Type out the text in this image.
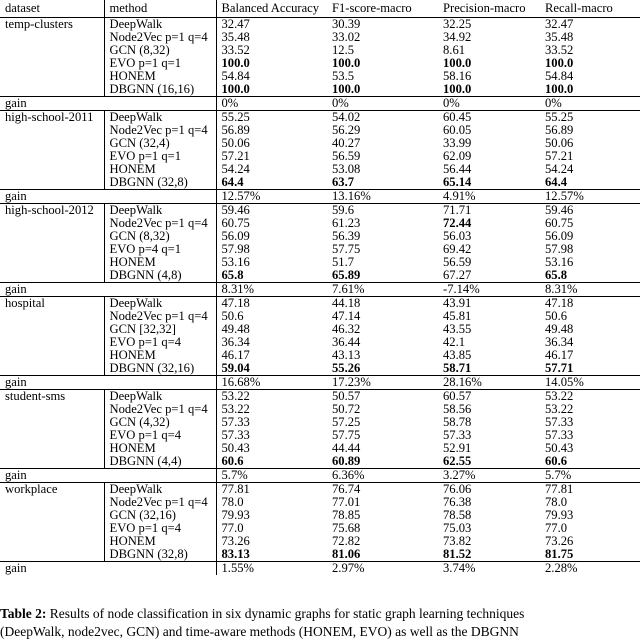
dataset	method	Balanced Accuracy	F1-score-macro	Precision-macro	Recall-macro
temp-clusters	DeepWalk	32.47	30.39	32.25	32.47
	Node2Vec p=1 q=4	35.48	33.02	34.92	35.48
	GCN (8,32)	33.52	12.5	8.61	33.52
	EVO p=1 q=1	100.0	100.0	100.0	100.0
	HONEM	54.84	53.5	58.16	54.84
	DBGNN (16,16)	100.0	100.0	100.0	100.0
gain		0%	0%	0%	0%
high-school-2011	DeepWalk	55.25	54.02	60.45	55.25
	Node2Vec p=1 q=4	56.89	56.29	60.05	56.89
	GCN (32,4)	50.06	40.27	33.99	50.06
	EVO p=1 q=1	57.21	56.59	62.09	57.21
	HONEM	54.24	53.08	56.44	54.24
	DBGNN (32,8)	64.4	63.7	65.14	64.4
gain		12.57%	13.16%	4.91%	12.57%
high-school-2012	DeepWalk	59.46	59.6	71.71	59.46
	Node2Vec p=1 q=4	60.75	61.23	72.44	60.75
	GCN (8,32)	56.09	56.39	56.03	56.09
	EVO p=4 q=1	57.98	57.75	69.42	57.98
	HONEM	53.16	51.7	56.59	53.16
	DBGNN (4,8)	65.8	65.89	67.27	65.8
gain		8.31%	7.61%	-7.14%	8.31%
hospital	DeepWalk	47.18	44.18	43.91	47.18
	Node2Vec p=1 q=4	50.6	47.14	45.81	50.6
	GCN [32,32]	49.48	46.32	43.55	49.48
	EVO p=1 q=4	36.34	36.44	42.1	36.34
	HONEM	46.17	43.13	43.85	46.17
	DBGNN (32,16)	59.04	55.26	58.71	57.71
gain		16.68%	17.23%	28.16%	14.05%
student-sms	DeepWalk	53.22	50.57	60.57	53.22
	Node2Vec p=1 q=4	53.22	50.72	58.56	53.22
	GCN (4,32)	57.33	57.25	58.78	57.33
	EVO p=1 q=4	57.33	57.75	57.33	57.33
	HONEM	50.43	44.44	52.91	50.43
	DBGNN (4,4)	60.6	60.89	62.55	60.6
gain		5.7%	6.36%	3.27%	5.7%
workplace	DeepWalk	77.81	76.74	76.06	77.81
	Node2Vec p=1 q=4	78.0	77.01	76.38	78.0
	GCN (32,16)	79.93	78.85	78.58	79.93
	EVO p=1 q=4	77.0	75.68	75.03	77.0
	HONEM	73.26	72.82	73.82	73.26
	DBGNN (32,8)	83.13	81.06	81.52	81.75
gain		1.55%	2.97%	3.74%	2.28%
Table 2: Results of node classification in six dynamic graphs for static graph learning techniques
(DeepWalk, node2vec, GCN) and time-aware methods (HONEM, EVO) as well as the DBGNN
